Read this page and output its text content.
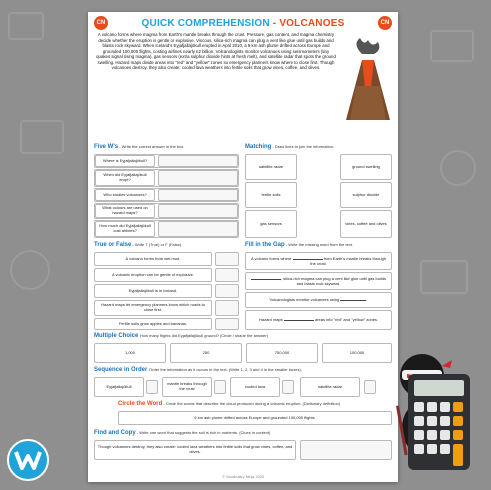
CN	CN
QUICK COMPREHENSION - VOLCANOES
A volcano forms where magma from Earth's mantle breaks through the crust. Pressure, gas content, and magma chemistry decide whether the eruption is gentle or explosive. Viscous, silica-rich magma can plug a vent like glue until gas builds and blasts rock skyward. When Iceland's Eyjafjallajökull erupted in April 2010, a 9 km ash plume drifted across Europe and grounded 100,000 flights, costing airlines nearly £2 billion. Volcanologists monitor volcanoes using seismometers (tiny quakes signal rising magma), gas sensors (extra sulphur dioxide hints at fresh melt), and satellite radar that spots the ground swelling. Hazard maps divide areas into "red" and "yellow" zones so emergency planners know where to close first. Though volcanoes destroy, they also create: cooled lava weathers into fertile soils that grow vines, coffee, and olives.
Five W's - Write the correct answer in the box.
Where is Eyjafjallajökull?
When did Eyjafjallajökull erupt?
Who studies volcanoes?
What colours are used on hazard maps?
How much did Eyjafjallajökull cost airlines?
Matching - Draw lines to join the information.
satellite radar
fertile soils
gas sensors
ground swelling
sulphur dioxide
vines, coffee and olives
True or False - Write T (True) or F (False).
A volcano forms from wet mud.
A volcanic eruption can be gentle of explosive.
Eyjafjallajökull is in Iceland.
Hazard maps let emergency planners know which roads to close first.
Fertile soils grow apples and bananas.
Fill in the Gap - Write the missing word from the text.
A volcano forms where	from Earth's mantle breaks through the crust.
, silica-rich magma can plug a vent like glue until gas builds and blasts rock skyward.
Volcanologists monitor volcanoes using	.
Hazard maps	areas into "red" and "yellow" zones.
Multiple Choice How many flights did Eyjafjallajökull ground? (Circle / shade the answer)
1,000	250	750,000	100,000
Sequence in Order Order the information as it occurs in the text. (Write 1, 2, 3 and 4 in the smaller boxes).
Eyjafjallajökull	mantle breaks through the crust	cooled lava	satellite radar
Circle the Word - Circle the words that describe the cloud produced during a volcanic eruption. (Dictionary definition)
9 km ash plume drifted across Europe and grounded 100,000 flights.
Find and Copy - Write one word that suggests the soil is rich in nutrients. (Clues in context)
Though volcanoes destroy, they also create: cooled lava weathers into fertile soils that grow vines, coffee, and olives.
© Vocabulary Ninja 2025
